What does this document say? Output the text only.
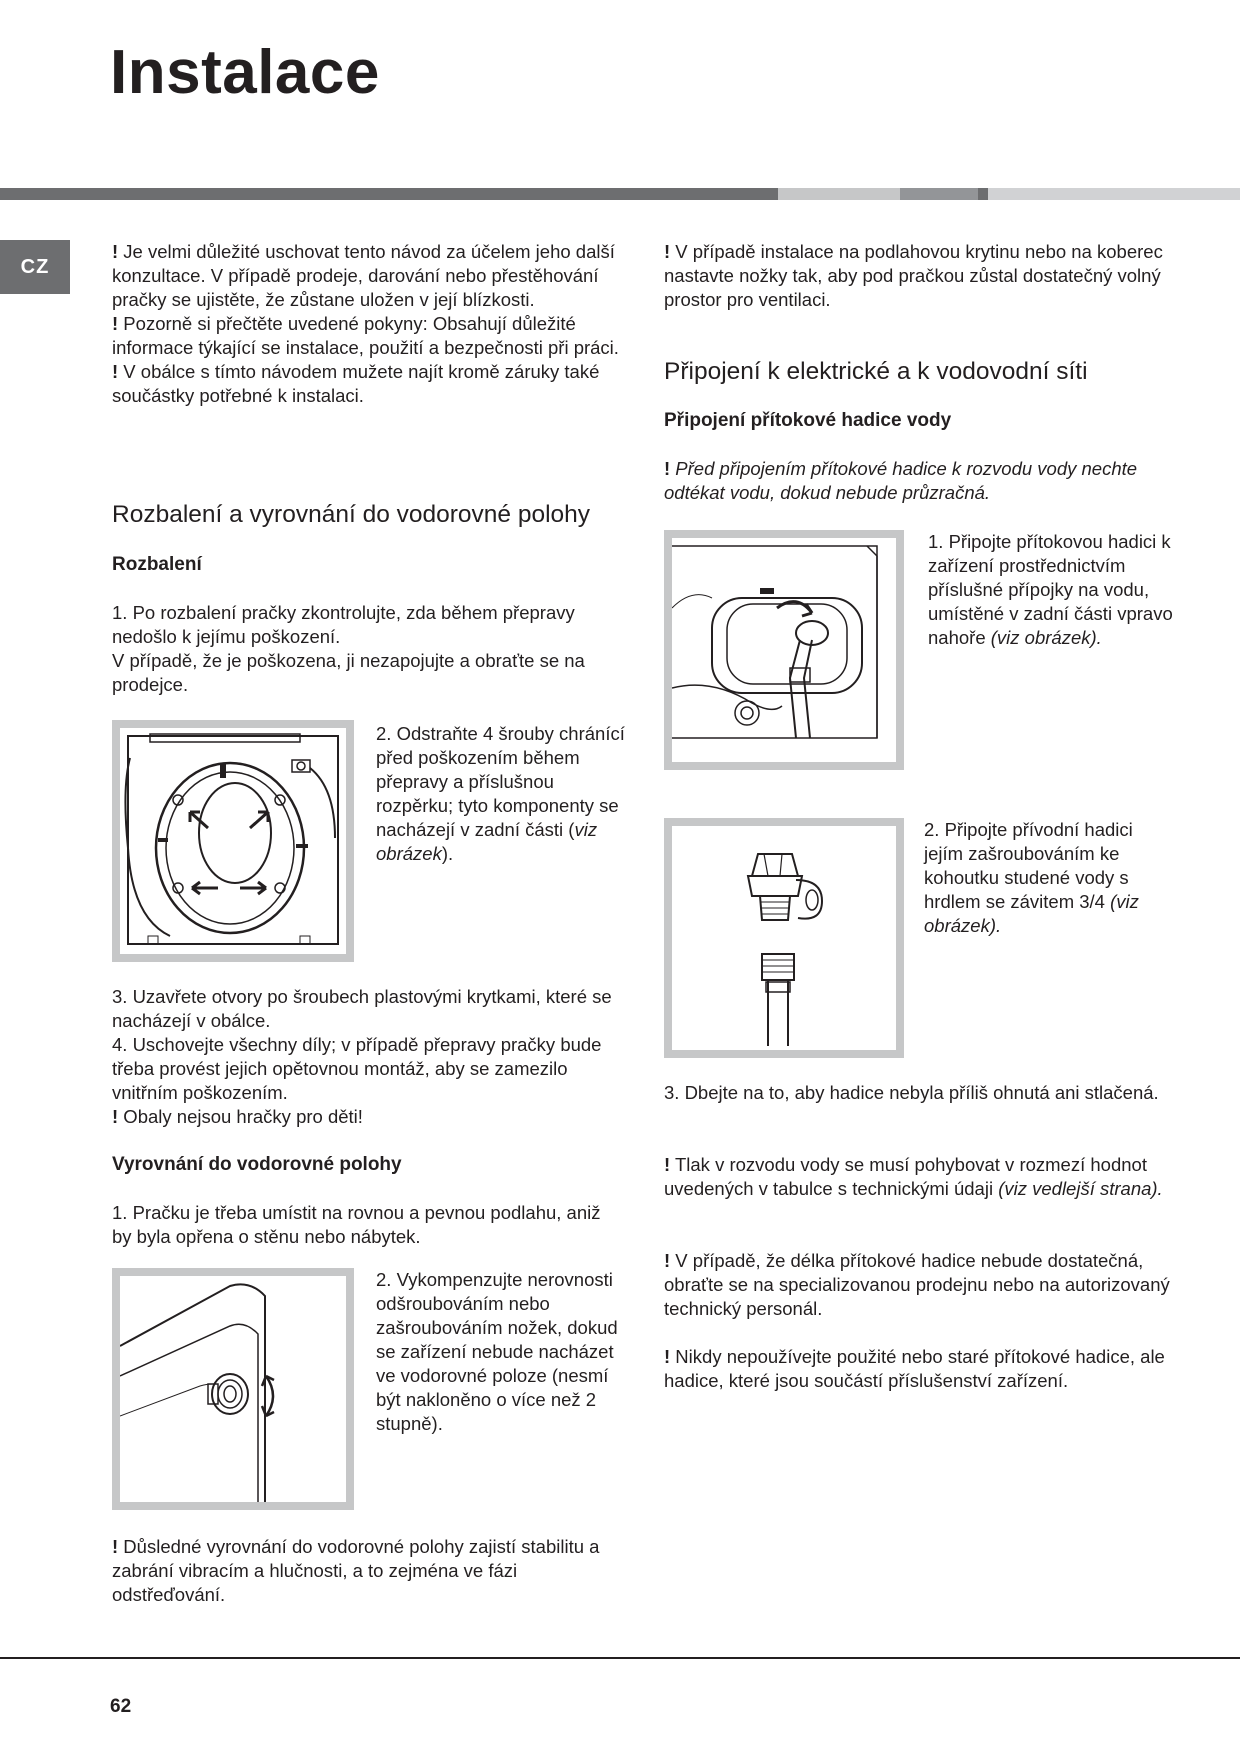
Instalace
CZ

! Je velmi důležité uschovat tento návod za účelem jeho další konzultace. V případě prodeje, darování nebo přestěhování pračky se ujistěte, že zůstane uložen v její blízkosti.

! Pozorně si přečtěte uvedené pokyny: Obsahují důležité informace týkající se instalace, použití a bezpečnosti při práci.

! V obálce s tímto návodem mužete najít kromě záruky také součástky potřebné k instalaci.

Rozbalení a vyrovnání do vodorovné polohy
Rozbalení

1. Po rozbalení pračky zkontrolujte, zda během přepravy nedošlo k jejímu poškození.

V případě, že je poškozena, ji nezapojujte a obraťte se na prodejce.

2. Odstraňte 4 šrouby chránící před poškozením během přepravy a příslušnou rozpěrku; tyto komponenty se nacházejí v zadní části (viz obrázek).

3. Uzavřete otvory po šroubech plastovými krytkami, které se nacházejí v obálce.

4. Uschovejte všechny díly; v případě přepravy pračky bude třeba provést jejich opětovnou montáž, aby se zamezilo vnitřním poškozením.

! Obaly nejsou hračky pro děti!

Vyrovnání do vodorovné polohy

1. Pračku je třeba umístit na rovnou a pevnou podlahu, aniž by byla opřena o stěnu nebo nábytek.

2. Vykompenzujte nerovnosti odšroubováním nebo zašroubováním nožek, dokud se zařízení nebude nacházet ve vodorovné poloze (nesmí být nakloněno o více než 2 stupně).

! Důsledné vyrovnání do vodorovné polohy zajistí stabilitu a zabrání vibracím a hlučnosti, a to zejména ve fázi odstřeďování.

! V případě instalace na podlahovou krytinu nebo na koberec nastavte nožky tak, aby pod pračkou zůstal dostatečný volný prostor pro ventilaci.

Připojení k elektrické a k vodovodní síti
Připojení přítokové hadice vody

! Před připojením přítokové hadice k rozvodu vody nechte odtékat vodu, dokud nebude průzračná.

1. Připojte přítokovou hadici k zařízení prostřednictvím příslušné přípojky na vodu, umístěné v zadní části vpravo nahoře (viz obrázek).

2. Připojte přívodní hadici jejím zašroubováním ke kohoutku studené vody s hrdlem se závitem 3/4 (viz obrázek).

3. Dbejte na to, aby hadice nebyla příliš ohnutá ani stlačená.

! Tlak v rozvodu vody se musí pohybovat v rozmezí hodnot uvedených v tabulce s technickými údaji (viz vedlejší strana).

! V případě, že délka přítokové hadice nebude dostatečná, obraťte se na specializovanou prodejnu nebo na autorizovaný technický personál.

! Nikdy nepoužívejte použité nebo staré přítokové hadice, ale hadice, které jsou součástí příslušenství zařízení.

62
